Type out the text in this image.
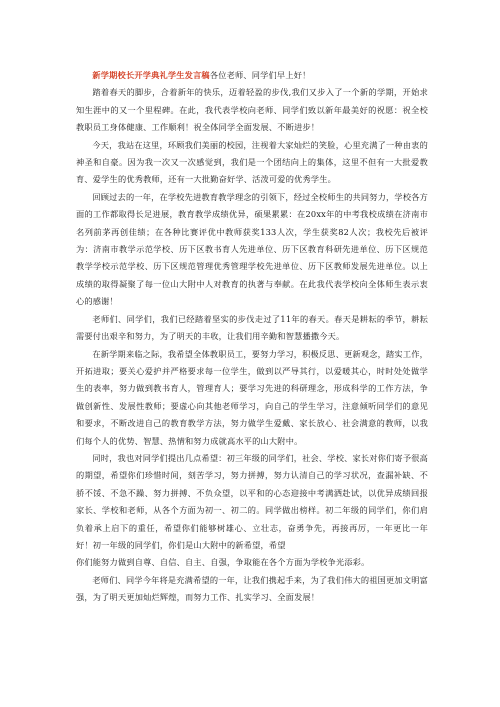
新学期校长开学典礼学生发言稿各位老师、同学们早上好！

踏着春天的脚步，合着新年的快乐，迈着轻盈的步伐,我们又步入了一个新的学期，开始求知生涯中的又一个里程碑。在此，我代表学校向老师、同学们致以新年最美好的祝愿：祝全校教职员工身体健康、工作顺利！祝全体同学全面发展、不断进步！

今天，我站在这里，环顾我们美丽的校园，注视着大家灿烂的笑脸，心里充满了一种由衷的神圣和自豪。因为我一次又一次感觉到，我们是一个团结向上的集体，这里不但有一大批爱教育、爱学生的优秀教师，还有一大批勤奋好学、活泼可爱的优秀学生。

回顾过去的一年，在学校先进教育教学理念的引领下，经过全校师生的共同努力，学校各方面的工作都取得长足进展，教育教学成绩优异，硕果累累：在20xx年的中考我校成绩在济南市名列前茅再创佳绩；在各种比赛评优中教师获奖133人次，学生获奖82人次；我校先后被评为：济南市教学示范学校、历下区教书育人先进单位、历下区教育科研先进单位、历下区规范教学学校示范学校、历下区规范管理优秀管理学校先进单位、历下区教师发展先进单位。以上成绩的取得凝聚了每一位山大附中人对教育的执著与奉献。在此我代表学校向全体师生表示衷心的感谢！

老师们、同学们，我们已经踏着坚实的步伐走过了11年的春天。春天是耕耘的季节，耕耘需要付出艰辛和努力，为了明天的丰收，让我们用辛勤和智慧播撒今天。

在新学期来临之际，我希望全体教职员工，要努力学习，积极反思、更新观念，踏实工作，开拓进取；要关心爱护并严格要求每一位学生，做到以严导其行，以爱暖其心，时时处处做学生的表率，努力做到教书育人，管理育人；要学习先进的科研理念，形成科学的工作方法，争做创新性、发展性教师；要虚心向其他老师学习，向自己的学生学习，注意倾听同学们的意见和要求，不断改进自己的教育教学方法，努力做学生爱戴、家长放心、社会满意的教师，以我们每个人的优势、智慧、热情和努力成就高水平的山大附中。

同时，我也对同学们提出几点希望：初三年级的同学们，社会、学校、家长对你们寄予很高的期望，希望你们珍惜时间，刻苦学习，努力拼搏，努力认清自己的学习状况，查漏补缺、不骄不馁、不急不躁、努力拼搏、不负众望，以平和的心态迎接中考满洒赴试，以优异成绩回报家长、学校和老师，从各个方面为初一、初二的。同学做出榜样。初二年级的同学们，你们肩负着承上启下的重任，希望你们能够树雄心、立壮志，奋勇争先，再接再厉，一年更比一年好！初一年级的同学们，你们是山大附中的新希望，希望

你们能努力做到自尊、自信、自主、自强，争取能在各个方面为学校争光添彩。

老师们、同学今年将是充满希望的一年，让我们携起手来，为了我们伟大的祖国更加文明富强，为了明天更加灿烂辉煌，而努力工作、扎实学习、全面发展！
